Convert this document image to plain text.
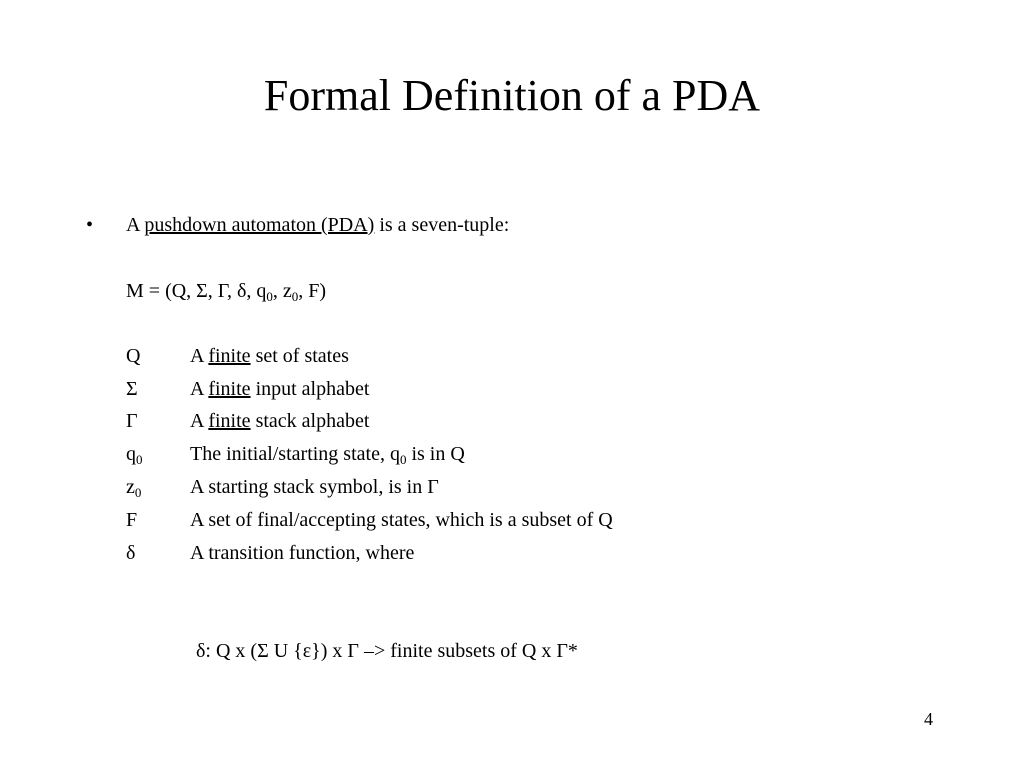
Formal Definition of a PDA
• A pushdown automaton (PDA) is a seven-tuple:
M = (Q, Σ, Γ, δ, $q_0$, $z_0$, F)
Q A finite set of states
Σ	A finite input alphabet
Γ	A finite stack alphabet
$q_0$ The initial/starting state, $q_0$ is in Q
$z_0$ A starting stack symbol, is in Γ
F	A set of final/accepting states, which is a subset of Q
δ	A transition function, where
δ: Q x (Σ U {ε}) x Γ –> finite subsets of Q x Γ*
4
